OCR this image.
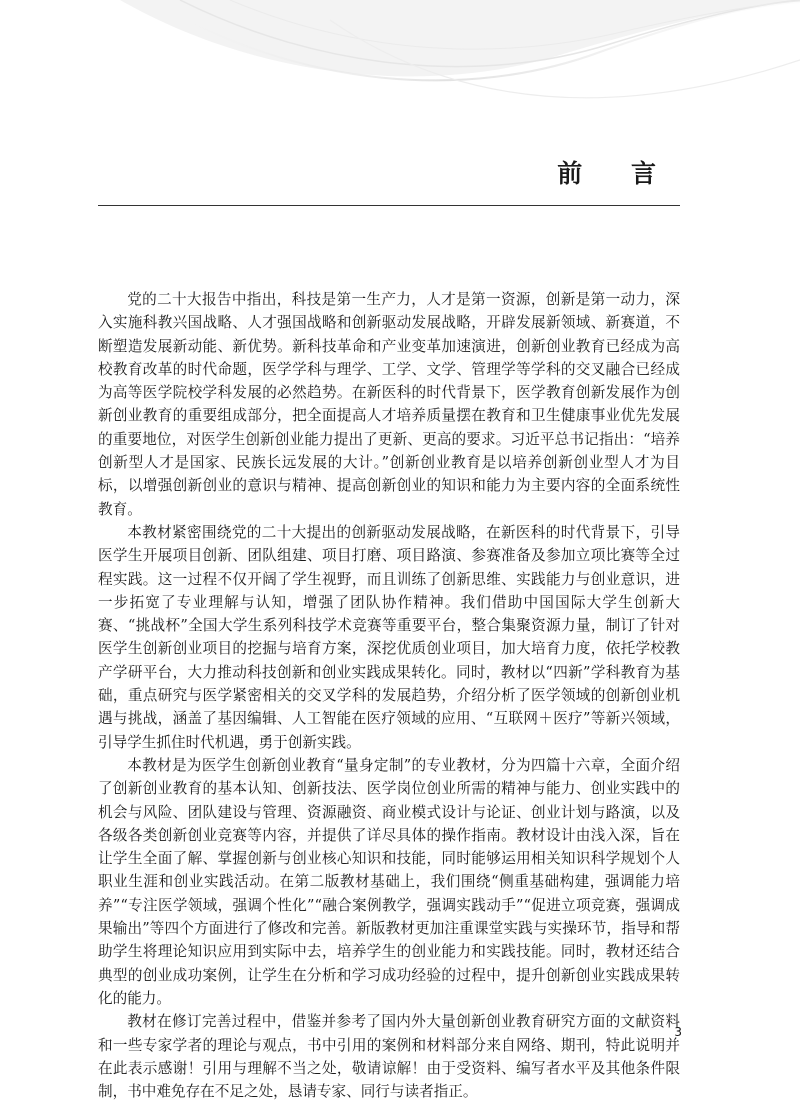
前 言

党的二十大报告中指出，科技是第一生产力，人才是第一资源，创新是第一动力，深入实施科教兴国战略、人才强国战略和创新驱动发展战略，开辟发展新领域、新赛道，不断塑造发展新动能、新优势。新科技革命和产业变革加速演进，创新创业教育已经成为高校教育改革的时代命题，医学学科与理学、工学、文学、管理学等学科的交叉融合已经成为高等医学院校学科发展的必然趋势。在新医科的时代背景下，医学教育创新发展作为创新创业教育的重要组成部分，把全面提高人才培养质量摆在教育和卫生健康事业优先发展的重要地位，对医学生创新创业能力提出了更新、更高的要求。习近平总书记指出：“培养创新型人才是国家、民族长远发展的大计。”创新创业教育是以培养创新创业型人才为目标，以增强创新创业的意识与精神、提高创新创业的知识和能力为主要内容的全面系统性教育。

本教材紧密围绕党的二十大提出的创新驱动发展战略，在新医科的时代背景下，引导医学生开展项目创新、团队组建、项目打磨、项目路演、参赛准备及参加立项比赛等全过程实践。这一过程不仅开阔了学生视野，而且训练了创新思维、实践能力与创业意识，进一步拓宽了专业理解与认知，增强了团队协作精神。我们借助中国国际大学生创新大赛、“挑战杯”全国大学生系列科技学术竞赛等重要平台，整合集聚资源力量，制订了针对医学生创新创业项目的挖掘与培育方案，深挖优质创业项目，加大培育力度，依托学校教产学研平台，大力推动科技创新和创业实践成果转化。同时，教材以“四新”学科教育为基础，重点研究与医学紧密相关的交叉学科的发展趋势，介绍分析了医学领域的创新创业机遇与挑战，涵盖了基因编辑、人工智能在医疗领域的应用、“互联网＋医疗”等新兴领域，引导学生抓住时代机遇，勇于创新实践。

本教材是为医学生创新创业教育“量身定制”的专业教材，分为四篇十六章，全面介绍了创新创业教育的基本认知、创新技法、医学岗位创业所需的精神与能力、创业实践中的机会与风险、团队建设与管理、资源融资、商业模式设计与论证、创业计划与路演，以及各级各类创新创业竞赛等内容，并提供了详尽具体的操作指南。教材设计由浅入深，旨在让学生全面了解、掌握创新与创业核心知识和技能，同时能够运用相关知识科学规划个人职业生涯和创业实践活动。在第二版教材基础上，我们围绕“侧重基础构建，强调能力培养”“专注医学领域，强调个性化”“融合案例教学，强调实践动手”“促进立项竞赛，强调成果输出”等四个方面进行了修改和完善。新版教材更加注重课堂实践与实操环节，指导和帮助学生将理论知识应用到实际中去，培养学生的创业能力和实践技能。同时，教材还结合典型的创业成功案例，让学生在分析和学习成功经验的过程中，提升创新创业实践成果转化的能力。

教材在修订完善过程中，借鉴并参考了国内外大量创新创业教育研究方面的文献资料和一些专家学者的理论与观点，书中引用的案例和材料部分来自网络、期刊，特此说明并在此表示感谢！引用与理解不当之处，敬请谅解！由于受资料、编写者水平及其他条件限制，书中难免存在不足之处，恳请专家、同行与读者指正。

3
